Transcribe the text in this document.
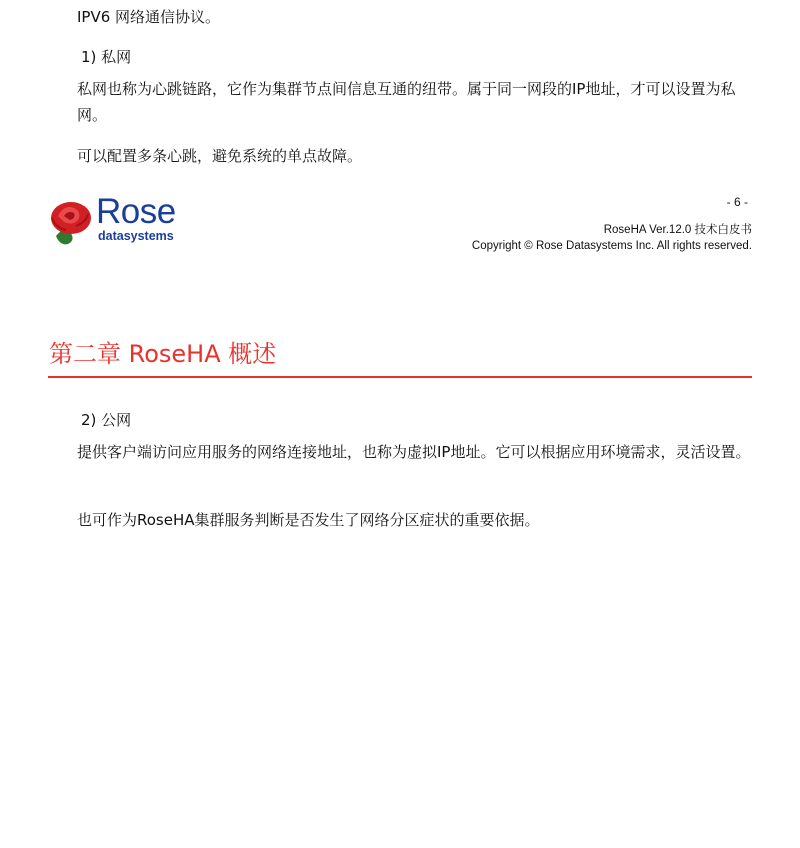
IPV6 网络通信协议。

1) 私网

私网也称为心跳链路，它作为集群节点间信息互通的纽带。属于同一网段的IP地址，才可以设置为私网。

可以配置多条心跳，避免系统的单点故障。

Rose
datasystems
- 6 -
RoseHA Ver.12.0 技术白皮书
Copyright © Rose Datasystems Inc. All rights reserved.
第二章 RoseHA 概述

2) 公网

提供客户端访问应用服务的网络连接地址，也称为虚拟IP地址。它可以根据应用环境需求，灵活设置。

也可作为RoseHA集群服务判断是否发生了网络分区症状的重要依据。
